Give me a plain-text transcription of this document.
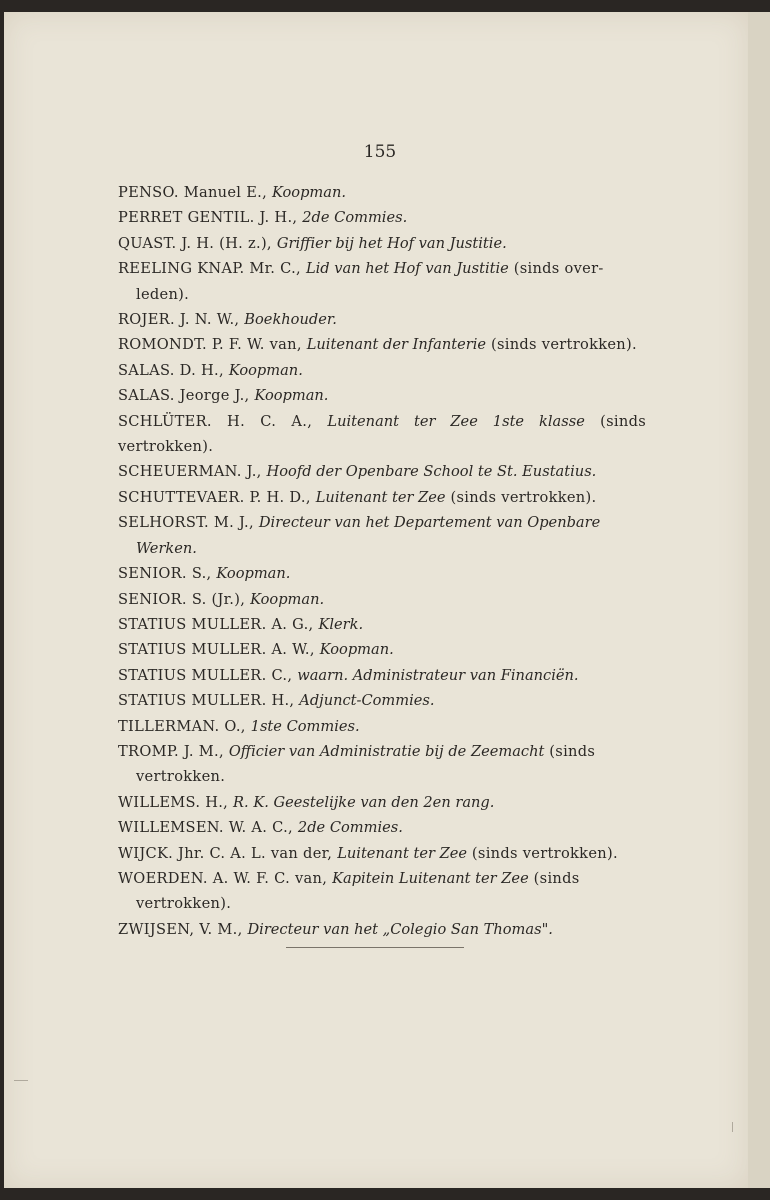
155
PENSO. Manuel E., Koopman.
PERRET GENTIL. J. H., 2de Commies.
QUAST. J. H. (H. z.), Griffier bij het Hof van Justitie.
REELING KNAP. Mr. C., Lid van het Hof van Justitie (sinds over-
leden).
ROJER. J. N. W., Boekhouder.
ROMONDT. P. F. W. van, Luitenant der Infanterie (sinds vertrokken).
SALAS. D. H., Koopman.
SALAS. Jeorge J., Koopman.
SCHLÜTER. H. C. A., Luitenant ter Zee 1ste klasse (sinds vertrokken).
SCHEUERMAN. J., Hoofd der Openbare School te St. Eustatius.
SCHUTTEVAER. P. H. D., Luitenant ter Zee (sinds vertrokken).
SELHORST. M. J., Directeur van het Departement van Openbare
Werken.
SENIOR. S., Koopman.
SENIOR. S. (Jr.), Koopman.
STATIUS MULLER. A. G., Klerk.
STATIUS MULLER. A. W., Koopman.
STATIUS MULLER. C., waarn. Administrateur van Financiën.
STATIUS MULLER. H., Adjunct-Commies.
TILLERMAN. O., 1ste Commies.
TROMP. J. M., Officier van Administratie bij de Zeemacht (sinds
vertrokken.
WILLEMS. H., R. K. Geestelijke van den 2en rang.
WILLEMSEN. W. A. C., 2de Commies.
WIJCK. Jhr. C. A. L. van der, Luitenant ter Zee (sinds vertrokken).
WOERDEN. A. W. F. C. van, Kapitein Luitenant ter Zee (sinds
vertrokken).
ZWIJSEN, V. M., Directeur van het „Colegio San Thomas".
